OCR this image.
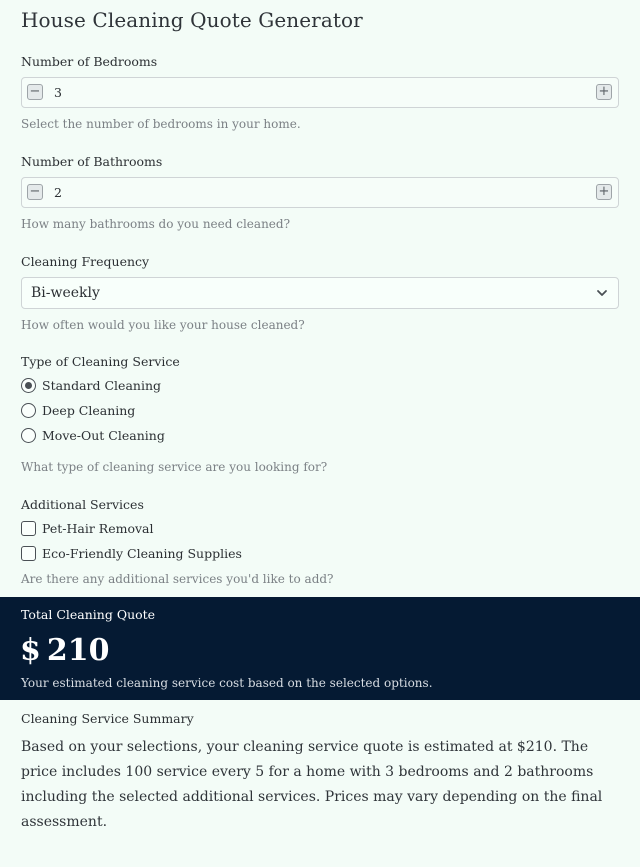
House Cleaning Quote Generator
Number of Bedrooms
− 3	+
Select the number of bedrooms in your home.
Number of Bathrooms
− 2	+
How many bathrooms do you need cleaned?
Cleaning Frequency
Bi-weekly
How often would you like your house cleaned?
Type of Cleaning Service
Standard Cleaning
Deep Cleaning
Move-Out Cleaning
What type of cleaning service are you looking for?
Additional Services
Pet-Hair Removal
Eco-Friendly Cleaning Supplies
Are there any additional services you'd like to add?
Total Cleaning Quote
$ 210
Your estimated cleaning service cost based on the selected options.
Cleaning Service Summary
Based on your selections, your cleaning service quote is estimated at $210. The price includes 100 service every 5 for a home with 3 bedrooms and 2 bathrooms including the selected additional services. Prices may vary depending on the final assessment.
